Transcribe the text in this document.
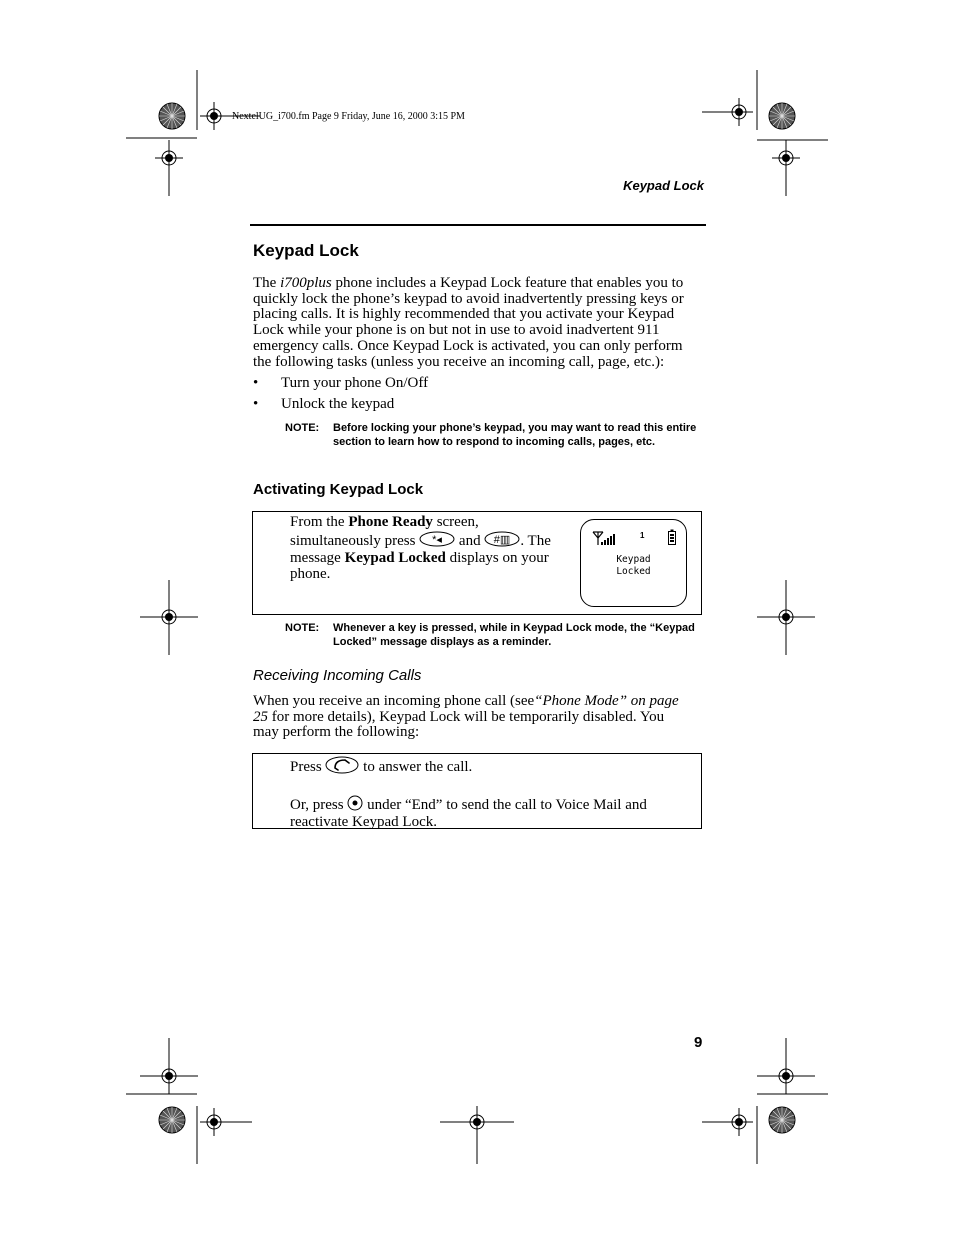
NextelUG_i700.fm Page 9 Friday, June 16, 2000 3:15 PM
Keypad Lock
Keypad Lock
The i700plus phone includes a Keypad Lock feature that enables you to
quickly lock the phone’s keypad to avoid inadvertently pressing keys or
placing calls. It is highly recommended that you activate your Keypad
Lock while your phone is on but not in use to avoid inadvertent 911
emergency calls. Once Keypad Lock is activated, you can only perform
the following tasks (unless you receive an incoming call, page, etc.):
• Turn your phone On/Off
• Unlock the keypad
NOTE: Before locking your phone’s keypad, you may want to read this entire section to learn how to respond to incoming calls, pages, etc.
Activating Keypad Lock
From the Phone Ready screen,
simultaneously press *◂ and #▥ . The
message Keypad Locked displays on your
phone.
1
Keypad
Locked
NOTE: Whenever a key is pressed, while in Keypad Lock mode, the “Keypad Locked” message displays as a reminder.
Receiving Incoming Calls
When you receive an incoming phone call (see“Phone Mode” on page
25 for more details), Keypad Lock will be temporarily disabled. You
may perform the following:
Press  to answer the call.
Or, press  under “End” to send the call to Voice Mail and
reactivate Keypad Lock.
9
